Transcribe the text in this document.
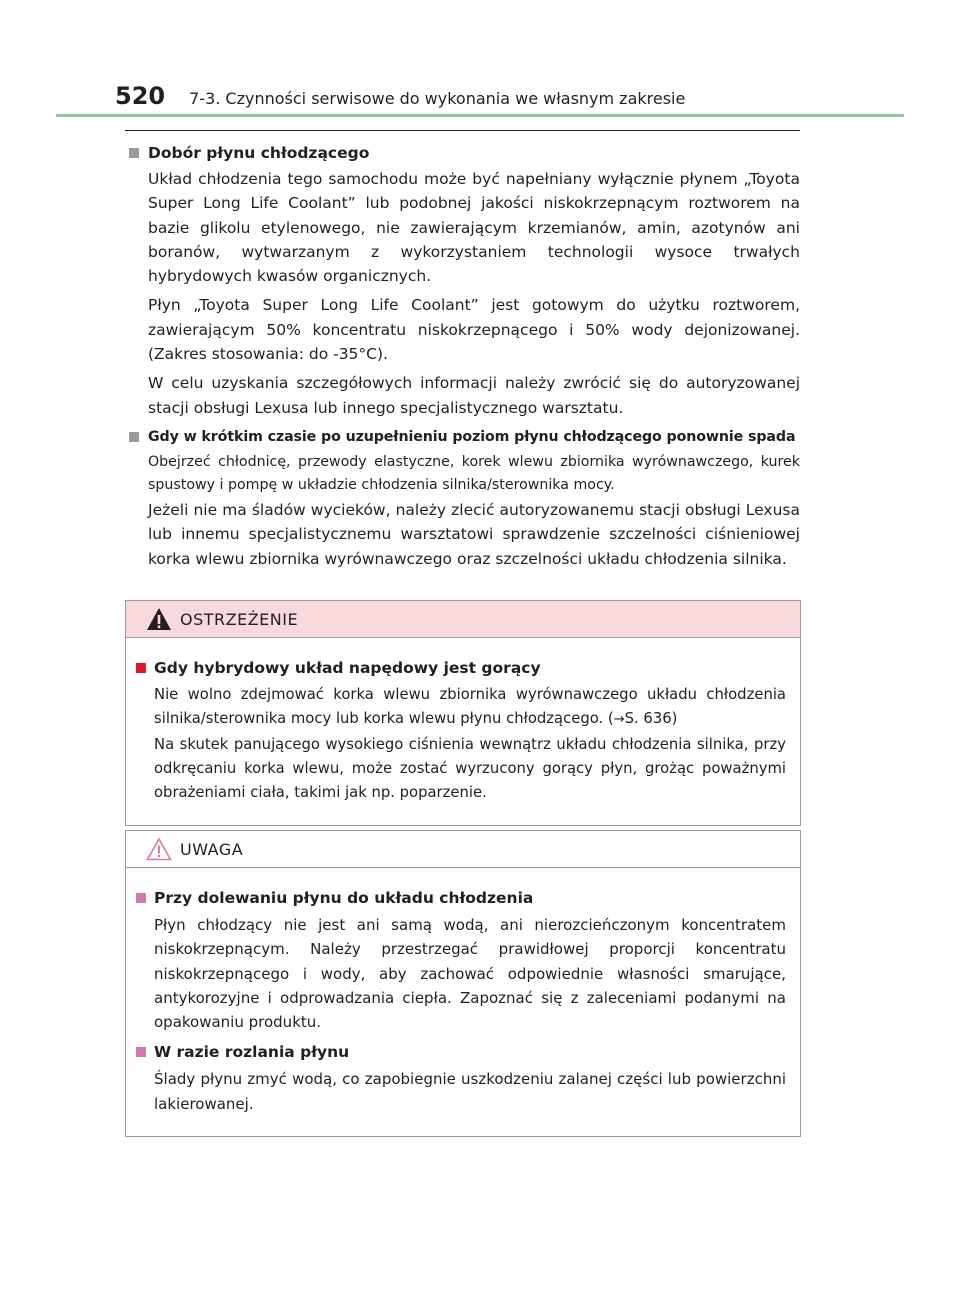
520 7-3. Czynności serwisowe do wykonania we własnym zakresie
Dobór płynu chłodzącego

Układ chłodzenia tego samochodu może być napełniany wyłącznie płynem „Toyota Super Long Life Coolant” lub podobnej jakości niskokrzepnącym roztworem na bazie glikolu etylenowego, nie zawierającym krzemianów, amin, azotynów ani boranów, wytwarzanym z wykorzystaniem technologii wysoce trwałych hybrydowych kwasów organicznych.

Płyn „Toyota Super Long Life Coolant” jest gotowym do użytku roztworem, zawierającym 50% koncentratu niskokrzepnącego i 50% wody dejonizowanej. (Zakres stosowania: do -35°C).

W celu uzyskania szczegółowych informacji należy zwrócić się do autoryzowanej stacji obsługi Lexusa lub innego specjalistycznego warsztatu.

Gdy w krótkim czasie po uzupełnieniu poziom płynu chłodzącego ponownie spada

Obejrzeć chłodnicę, przewody elastyczne, korek wlewu zbiornika wyrównawczego, kurek spustowy i pompę w układzie chłodzenia silnika/sterownika mocy.

Jeżeli nie ma śladów wycieków, należy zlecić autoryzowanemu stacji obsługi Lexusa lub innemu specjalistycznemu warsztatowi sprawdzenie szczelności ciśnieniowej korka wlewu zbiornika wyrównawczego oraz szczelności układu chłodzenia silnika.

OSTRZEŻENIE
Gdy hybrydowy układ napędowy jest gorący

Nie wolno zdejmować korka wlewu zbiornika wyrównawczego układu chłodzenia silnika/sterownika mocy lub korka wlewu płynu chłodzącego. (→S. 636)
Na skutek panującego wysokiego ciśnienia wewnątrz układu chłodzenia silnika, przy odkręcaniu korka wlewu, może zostać wyrzucony gorący płyn, grożąc poważnymi obrażeniami ciała, takimi jak np. poparzenie.

UWAGA
Przy dolewaniu płynu do układu chłodzenia

Płyn chłodzący nie jest ani samą wodą, ani nierozcieńczonym koncentratem niskokrzepnącym. Należy przestrzegać prawidłowej proporcji koncentratu niskokrzepnącego i wody, aby zachować odpowiednie własności smarujące, antykorozyjne i odprowadzania ciepła. Zapoznać się z zaleceniami podanymi na opakowaniu produktu.

W razie rozlania płynu

Ślady płynu zmyć wodą, co zapobiegnie uszkodzeniu zalanej części lub powierzchni lakierowanej.
